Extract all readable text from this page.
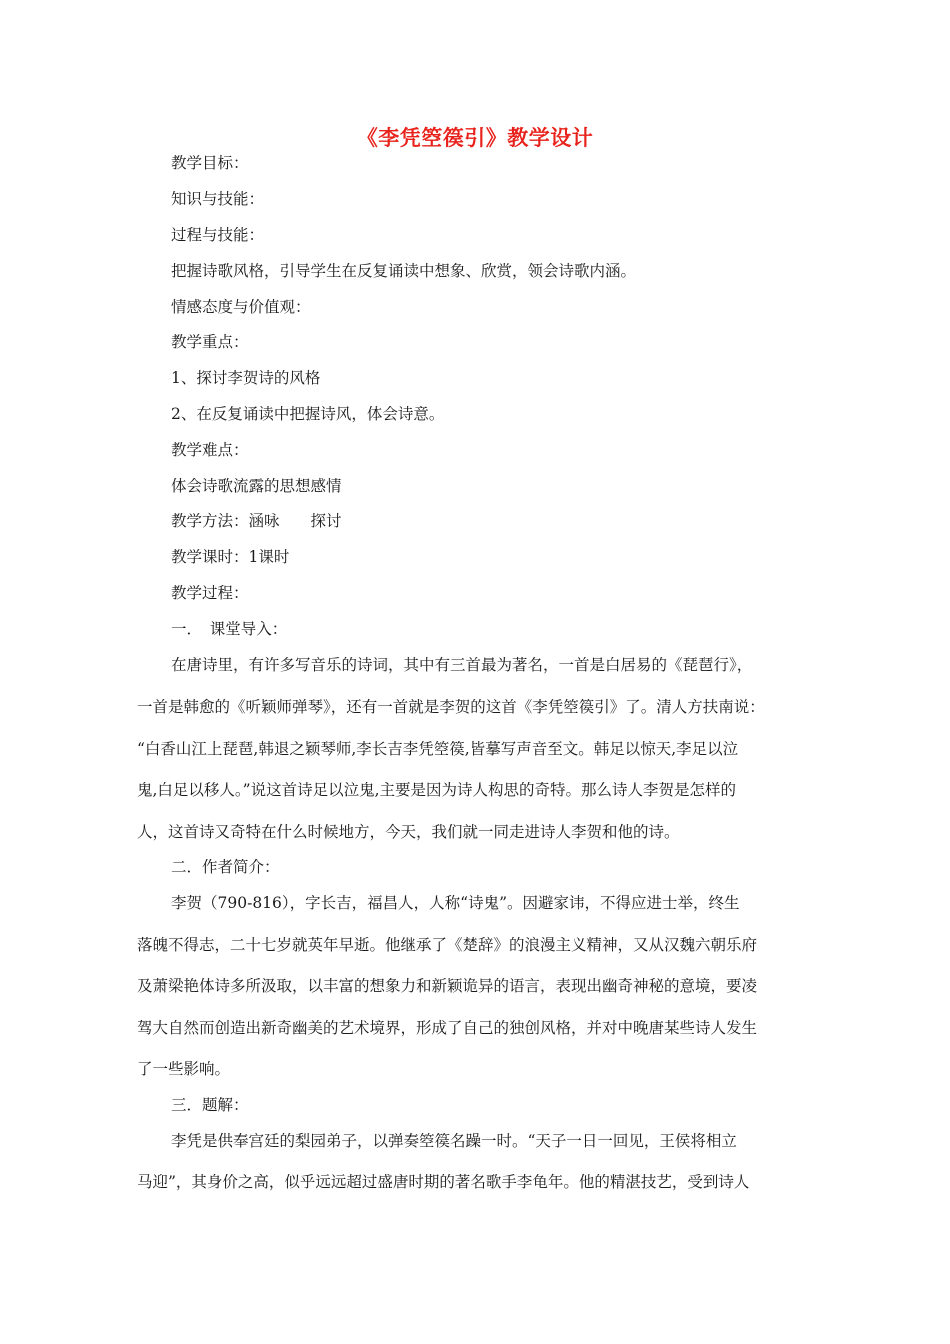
《李凭箜篌引》教学设计
教学目标：
知识与技能：
过程与技能：
把握诗歌风格，引导学生在反复诵读中想象、欣赏，领会诗歌内涵。
情感态度与价值观：
教学重点：
1、探讨李贺诗的风格
2、在反复诵读中把握诗风，体会诗意。
教学难点：
体会诗歌流露的思想感情
教学方法：涵咏　　探讨
教学课时：1课时
教学过程：
一．　课堂导入：
在唐诗里，有许多写音乐的诗词，其中有三首最为著名，一首是白居易的《琵琶行》，
一首是韩愈的《听颖师弹琴》，还有一首就是李贺的这首《李凭箜篌引》了。清人方扶南说：
“白香山江上琵琶,韩退之颖琴师,李长吉李凭箜篌,皆摹写声音至文。韩足以惊天,李足以泣
鬼,白足以移人。”说这首诗足以泣鬼,主要是因为诗人构思的奇特。那么诗人李贺是怎样的
人，这首诗又奇特在什么时候地方，今天，我们就一同走进诗人李贺和他的诗。
二．作者简介：
李贺（790-816），字长吉，福昌人，人称“诗鬼”。因避家讳，不得应进士举，终生
落魄不得志，二十七岁就英年早逝。他继承了《楚辞》的浪漫主义精神，又从汉魏六朝乐府
及萧梁艳体诗多所汲取，以丰富的想象力和新颖诡异的语言，表现出幽奇神秘的意境，要凌
驾大自然而创造出新奇幽美的艺术境界，形成了自己的独创风格，并对中晚唐某些诗人发生
了一些影响。
三．题解：
李凭是供奉宫廷的梨园弟子，以弹奏箜篌名躁一时。“天子一日一回见，王侯将相立
马迎”，其身价之高，似乎远远超过盛唐时期的著名歌手李龟年。他的精湛技艺，受到诗人
